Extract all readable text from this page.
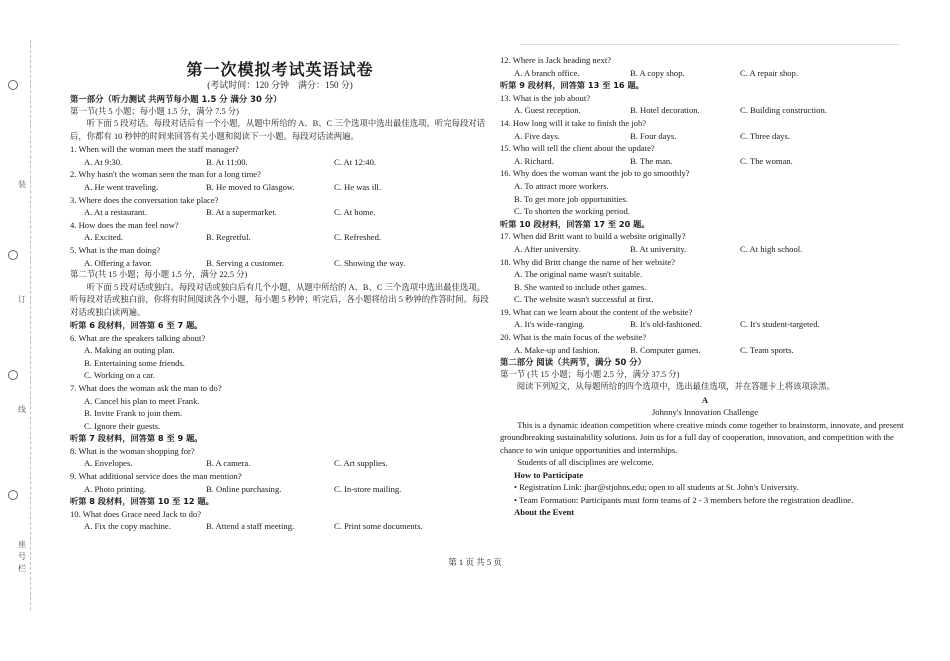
装
订
线
座
号
栏
第一次模拟考试英语试卷
(考试时间：120 分钟　满分：150 分)
第一部分（听力测试 共两节每小题 1.5 分 满分 30 分）
第一节(共 5 小题；每小题 1.5 分，满分 7.5 分)
听下面 5 段对话。每段对话后有一个小题，从题中所给的 A、B、C 三个选项中选出最佳选项。听完每段对话后，你都有 10 秒钟的时间来回答有关小题和阅读下一小题。每段对话读两遍。
1. When will the woman meet the staff manager?
A. At 9:30.	B. At 11:00.	C. At 12:40.
2. Why hasn't the woman seen the man for a long time?
A. He went traveling.	B. He moved to Glasgow.	C. He was ill.
3. Where does the conversation take place?
A. At a restaurant.	B. At a supermarket.	C. At home.
4. How does the man feel now?
A. Excited.	B. Regretful.	C. Refreshed.
5. What is the man doing?
A. Offering a favor.	B. Serving a customer.	C. Showing the way.
第二节(共 15 小题；每小题 1.5 分，满分 22.5 分)
听下面 5 段对话或独白。每段对话或独白后有几个小题，从题中所给的 A、B、C 三个选项中选出最佳选项。听每段对话或独白前，你将有时间阅读各个小题，每小题 5 秒钟；听完后，各小题将给出 5 秒钟的作答时间。每段对话或独白读两遍。
听第 6 段材料，回答第 6 至 7 题。
6. What are the speakers talking about?
A. Making an outing plan.
B. Entertaining some friends.
C. Working on a car.
7. What does the woman ask the man to do?
A. Cancel his plan to meet Frank.
B. Invite Frank to join them.
C. Ignore their guests.
听第 7 段材料，回答第 8 至 9 题。
8. What is the woman shopping for?
A. Envelopes.	B. A camera.	C. Art supplies.
9. What additional service does the man mention?
A. Photo printing.	B. Online purchasing.	C. In-store mailing.
听第 8 段材料，回答第 10 至 12 题。
10. What does Grace need Jack to do?
A. Fix the copy machine.	B. Attend a staff meeting.	C. Print some documents.
12. Where is Jack heading next?
A. A branch office.	B. A copy shop.	C. A repair shop.
听第 9 段材料，回答第 13 至 16 题。
13. What is the job about?
A. Guest reception.	B. Hotel decoration.	C. Building construction.
14. How long will it take to finish the job?
A. Five days.	B. Four days.	C. Three days.
15. Who will tell the client about the update?
A. Richard.	B. The man.	C. The woman.
16. Why does the woman want the job to go smoothly?
A. To attract more workers.
B. To get more job opportunities.
C. To shorten the working period.
听第 10 段材料，回答第 17 至 20 题。
17. When did Britt want to build a website originally?
A. After university.	B. At university.	C. At high school.
18. Why did Britt change the name of her website?
A. The original name wasn't suitable.
B. She wanted to include other games.
C. The website wasn't successful at first.
19. What can we learn about the content of the website?
A. It's wide-ranging.	B. It's old-fashioned.	C. It's student-targeted.
20. What is the main focus of the website?
A. Make-up and fashion.	B. Computer games.	C. Team sports.
第二部分 阅读（共两节，满分 50 分）
第一节 (共 15 小题；每小题 2.5 分，满分 37.5 分)
阅读下列短文，从每题所给的四个选项中，选出最佳选项，并在答题卡上将该项涂黑。
A
Johnny's Innovation Challenge
This is a dynamic ideation competition where creative minds come together to brainstorm, innovate, and present groundbreaking sustainability solutions. Join us for a full day of cooperation, innovation, and competition with the chance to win unique opportunities and internships.
Students of all disciplines are welcome.
How to Participate
• Registration Link: jhar@stjohns.edu; open to all students at St. John's University.
• Team Formation: Participants must form teams of 2 - 3 members before the registration deadline.
About the Event
第 1 页 共 5 页
